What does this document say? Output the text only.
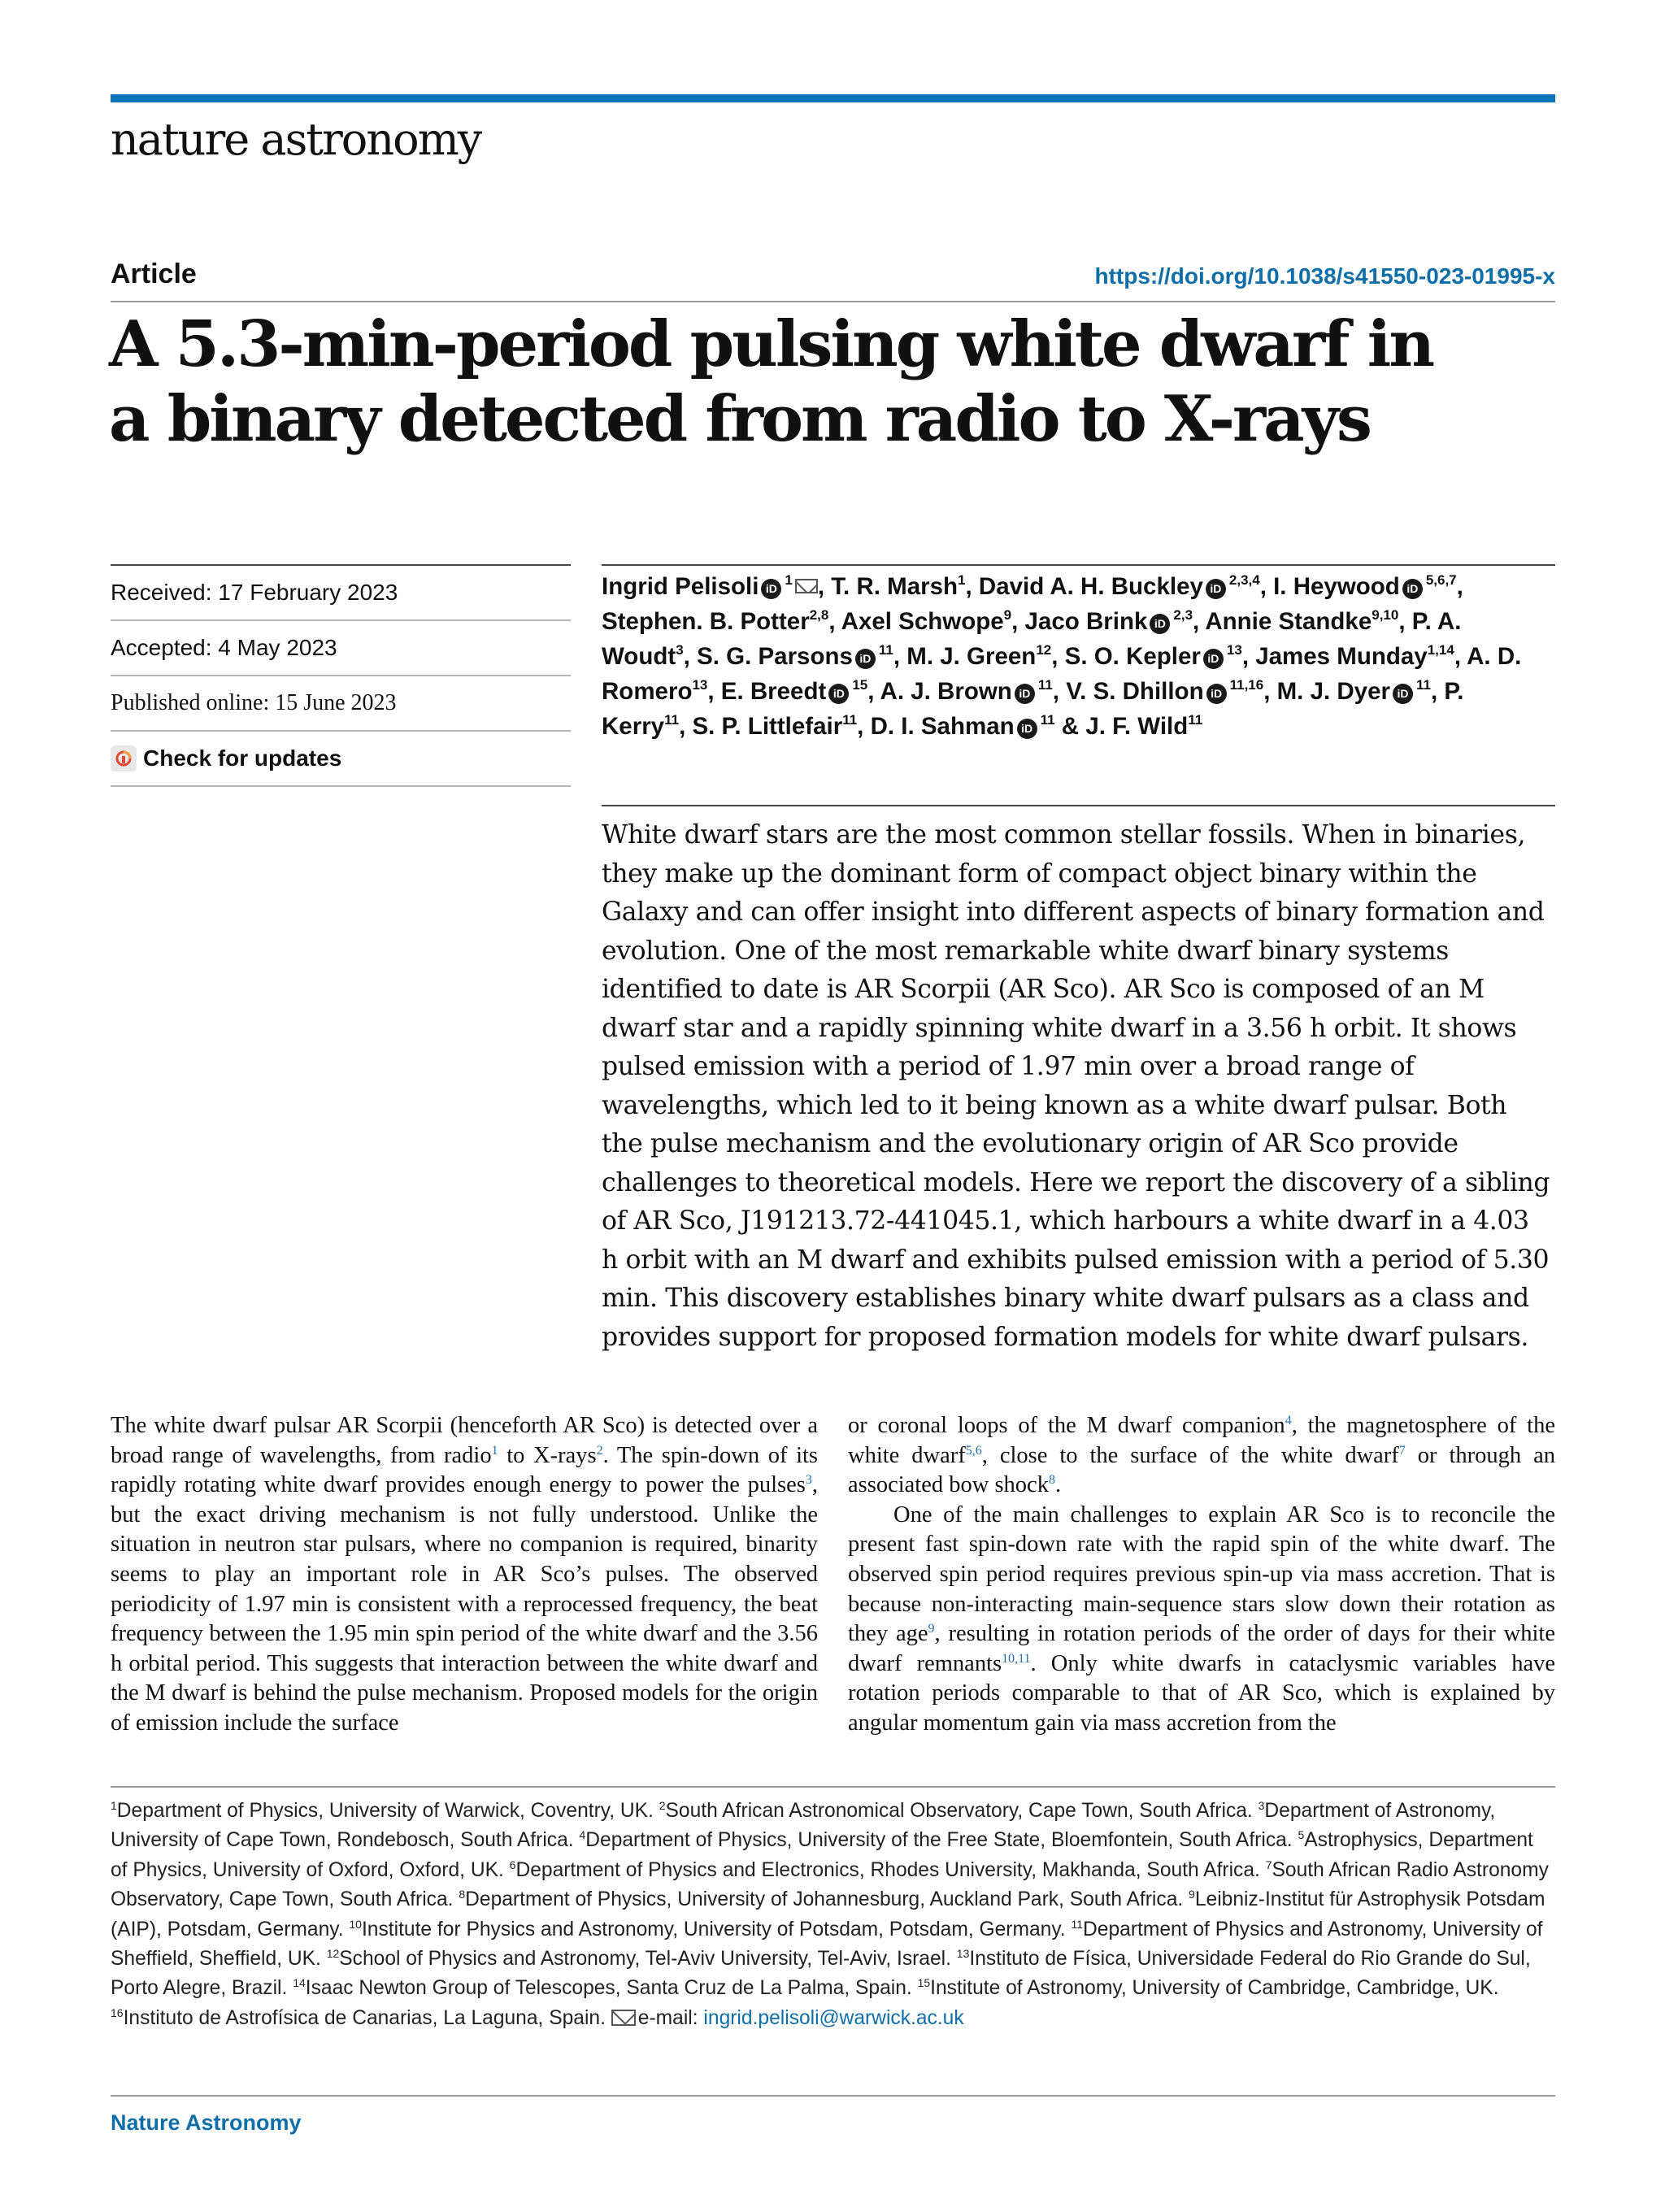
nature astronomy
Article	https://doi.org/10.1038/s41550-023-01995-x
A 5.3-min-period pulsing white dwarf in
a binary detected from radio to X-rays
Received: 17 February 2023
Accepted: 4 May 2023
Published online: 15 June 2023
Check for updates
Ingrid Pelisoli $iD^1$ , T. R. Marsh$^1$, David A. H. Buckley iD$^{2,3,4}$, I. Heywood iD$^{5,6,7}$, Stephen. B. Potter$^{2,8}$, Axel Schwope$^9$, Jaco Brink iD$^{2,3}$, Annie Standke$^{9,10}$, P. A. Woudt$^3$, S. G. Parsons $iD^{11}$, M. J. Green$^{12}$, S. O. Kepler $iD^{13}$, James Munday$^{1,14}$, A. D. Romero$^{13}$, E. Breedt $iD^{15}$, A. J. Brown $iD^{11}$, V. S. Dhillon iD$^{11,16}$, M. J. Dyer $iD^{11}$, P. Kerry$^{11}$, S. P. Littlefair$^{11}$, D. I. Sahman $iD^{11}$ & J. F. Wild$^{11}$

White dwarf stars are the most common stellar fossils. When in binaries, they make up the dominant form of compact object binary within the Galaxy and can offer insight into different aspects of binary formation and evolution. One of the most remarkable white dwarf binary systems identified to date is AR Scorpii (AR Sco). AR Sco is composed of an M dwarf star and a rapidly spinning white dwarf in a 3.56 h orbit. It shows pulsed emission with a period of 1.97 min over a broad range of wavelengths, which led to it being known as a white dwarf pulsar. Both the pulse mechanism and the evolutionary origin of AR Sco provide challenges to theoretical models. Here we report the discovery of a sibling of AR Sco, J191213.72-441045.1, which harbours a white dwarf in a 4.03 h orbit with an M dwarf and exhibits pulsed emission with a period of 5.30 min. This discovery establishes binary white dwarf pulsars as a class and provides support for proposed formation models for white dwarf pulsars.

The white dwarf pulsar AR Scorpii (henceforth AR Sco) is detected over a broad range of wavelengths, from radio$^1$ to X-rays$^2$. The spin-down of its rapidly rotating white dwarf provides enough energy to power the pulses$^3$, but the exact driving mechanism is not fully understood. Unlike the situation in neutron star pulsars, where no companion is required, binarity seems to play an important role in AR Sco’s pulses. The observed periodicity of 1.97 min is consistent with a reprocessed frequency, the beat frequency between the 1.95 min spin period of the white dwarf and the 3.56 h orbital period. This suggests that interaction between the white dwarf and the M dwarf is behind the pulse mechanism. Proposed models for the origin of emission include the surface

or coronal loops of the M dwarf companion$^4$, the magnetosphere of the white dwarf$^{5,6}$, close to the surface of the white dwarf$^7$ or through an associated bow shock$^8$.

One of the main challenges to explain AR Sco is to reconcile the present fast spin-down rate with the rapid spin of the white dwarf. The observed spin period requires previous spin-up via mass accretion. That is because non-interacting main-sequence stars slow down their rotation as they age$^9$, resulting in rotation periods of the order of days for their white dwarf remnants$^{10,11}$. Only white dwarfs in cataclysmic variables have rotation periods comparable to that of AR Sco, which is explained by angular momentum gain via mass accretion from the

$^1$Department of Physics, University of Warwick, Coventry, UK. $^2$South African Astronomical Observatory, Cape Town, South Africa. $^3$Department of Astronomy, University of Cape Town, Rondebosch, South Africa. $^4$Department of Physics, University of the Free State, Bloemfontein, South Africa. $^5$Astrophysics, Department of Physics, University of Oxford, Oxford, UK. $^6$Department of Physics and Electronics, Rhodes University, Makhanda, South Africa. $^7$South African Radio Astronomy Observatory, Cape Town, South Africa. $^8$Department of Physics, University of Johannesburg, Auckland Park, South Africa. $^9$Leibniz-Institut für Astrophysik Potsdam (AIP), Potsdam, Germany. $^{10}$Institute for Physics and Astronomy, University of Potsdam, Potsdam, Germany. $^{11}$Department of Physics and Astronomy, University of Sheffield, Sheffield, UK. $^{12}$School of Physics and Astronomy, Tel-Aviv University, Tel-Aviv, Israel. $^{13}$Instituto de Física, Universidade Federal do Rio Grande do Sul, Porto Alegre, Brazil. $^{14}$Isaac Newton Group of Telescopes, Santa Cruz de La Palma, Spain. $^{15}$Institute of Astronomy, University of Cambridge, Cambridge, UK. $^{16}$Instituto de Astrofísica de Canarias, La Laguna, Spain. e-mail: ingrid.pelisoli@warwick.ac.uk

Nature Astronomy
